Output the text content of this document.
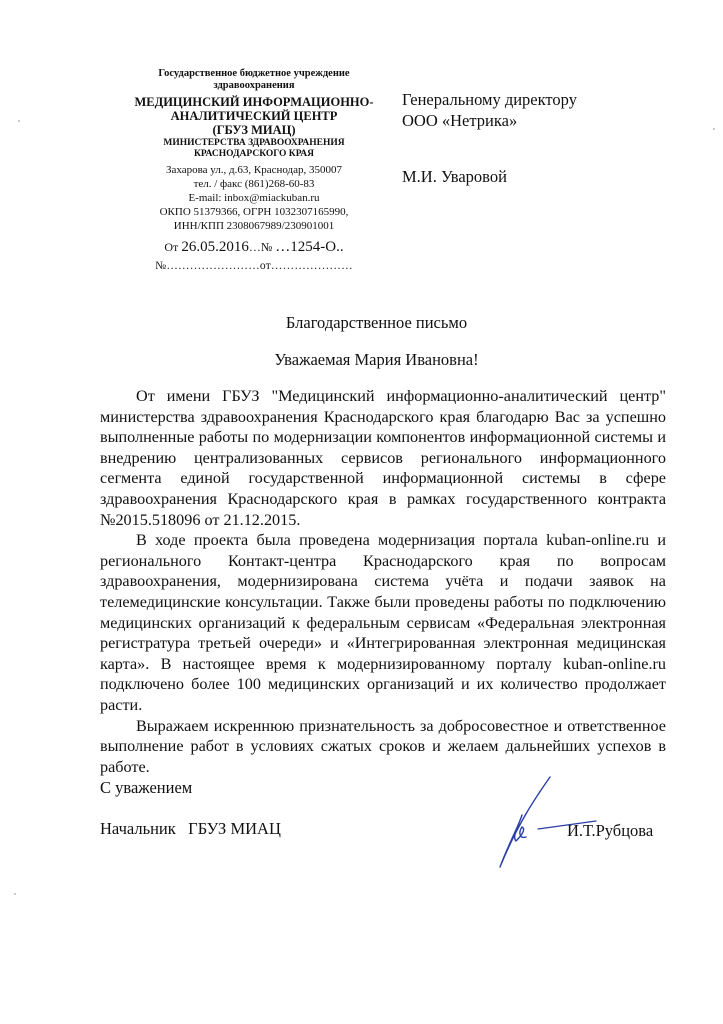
Государственное бюджетное учреждение
здравоохранения
МЕДИЦИНСКИЙ ИНФОРМАЦИОННО-
АНАЛИТИЧЕСКИЙ ЦЕНТР
(ГБУЗ МИАЦ)
МИНИСТЕРСТВА ЗДРАВООХРАНЕНИЯ
КРАСНОДАРСКОГО КРАЯ
Захарова ул., д.63, Краснодар, 350007
тел. / факс (861)268-60-83
E-mail: inbox@miackuban.ru
ОКПО 51379366, ОГРН 1032307165990,
ИНН/КПП 2308067989/230901001
От 26.05.2016…№ …1254-О..
№……………………от…………………
Генеральному директору
ООО «Нетрика»
М.И. Уваровой
Благодарственное письмо
Уважаемая Мария Ивановна!

От имени ГБУЗ "Медицинский информационно-аналитический центр" министерства здравоохранения Краснодарского края благодарю Вас за успешно выполненные работы по модернизации компонентов информационной системы и внедрению централизованных сервисов регионального информационного сегмента единой государственной информационной системы в сфере здравоохранения Краснодарского края в рамках государственного контракта №2015.518096 от 21.12.2015.

В ходе проекта была проведена модернизация портала kuban-online.ru и регионального Контакт-центра Краснодарского края по вопросам здравоохранения, модернизирована система учёта и подачи заявок на телемедицинские консультации. Также были проведены работы по подключению медицинских организаций к федеральным сервисам «Федеральная электронная регистратура третьей очереди» и «Интегрированная электронная медицинская карта». В настоящее время к модернизированному порталу kuban-online.ru подключено более 100 медицинских организаций и их количество продолжает расти.

Выражаем искреннюю признательность за добросовестное и ответственное выполнение работ в условиях сжатых сроков и желаем дальнейших успехов в работе.

С уважением
Начальник   ГБУЗ МИАЦ	И.Т.Рубцова
